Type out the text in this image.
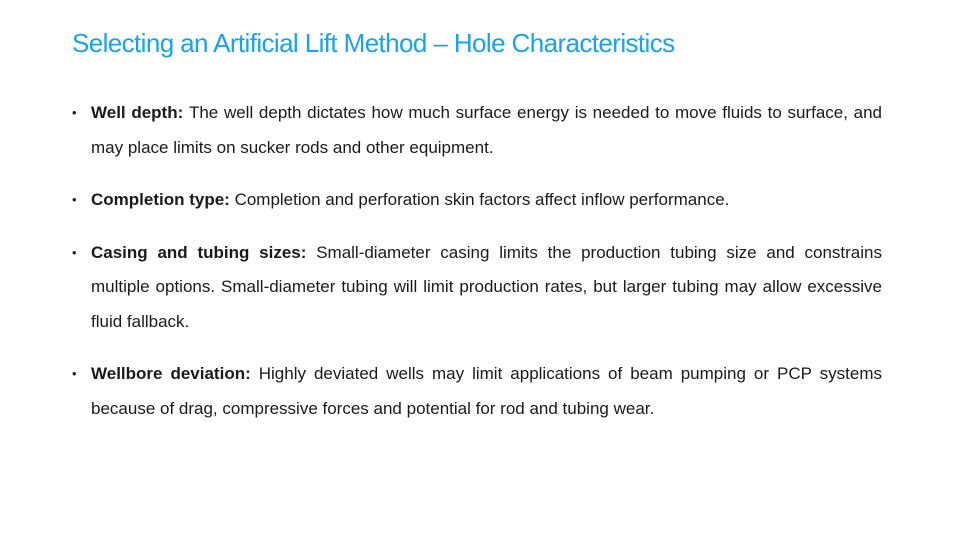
Selecting an Artificial Lift Method – Hole Characteristics
• Well depth: The well depth dictates how much surface energy is needed to move fluids to surface, and may place limits on sucker rods and other equipment.
• Completion type: Completion and perforation skin factors affect inflow performance.
• Casing and tubing sizes: Small-diameter casing limits the production tubing size and constrains multiple options. Small-diameter tubing will limit production rates, but larger tubing may allow excessive fluid fallback.
• Wellbore deviation: Highly deviated wells may limit applications of beam pumping or PCP systems because of drag, compressive forces and potential for rod and tubing wear.
